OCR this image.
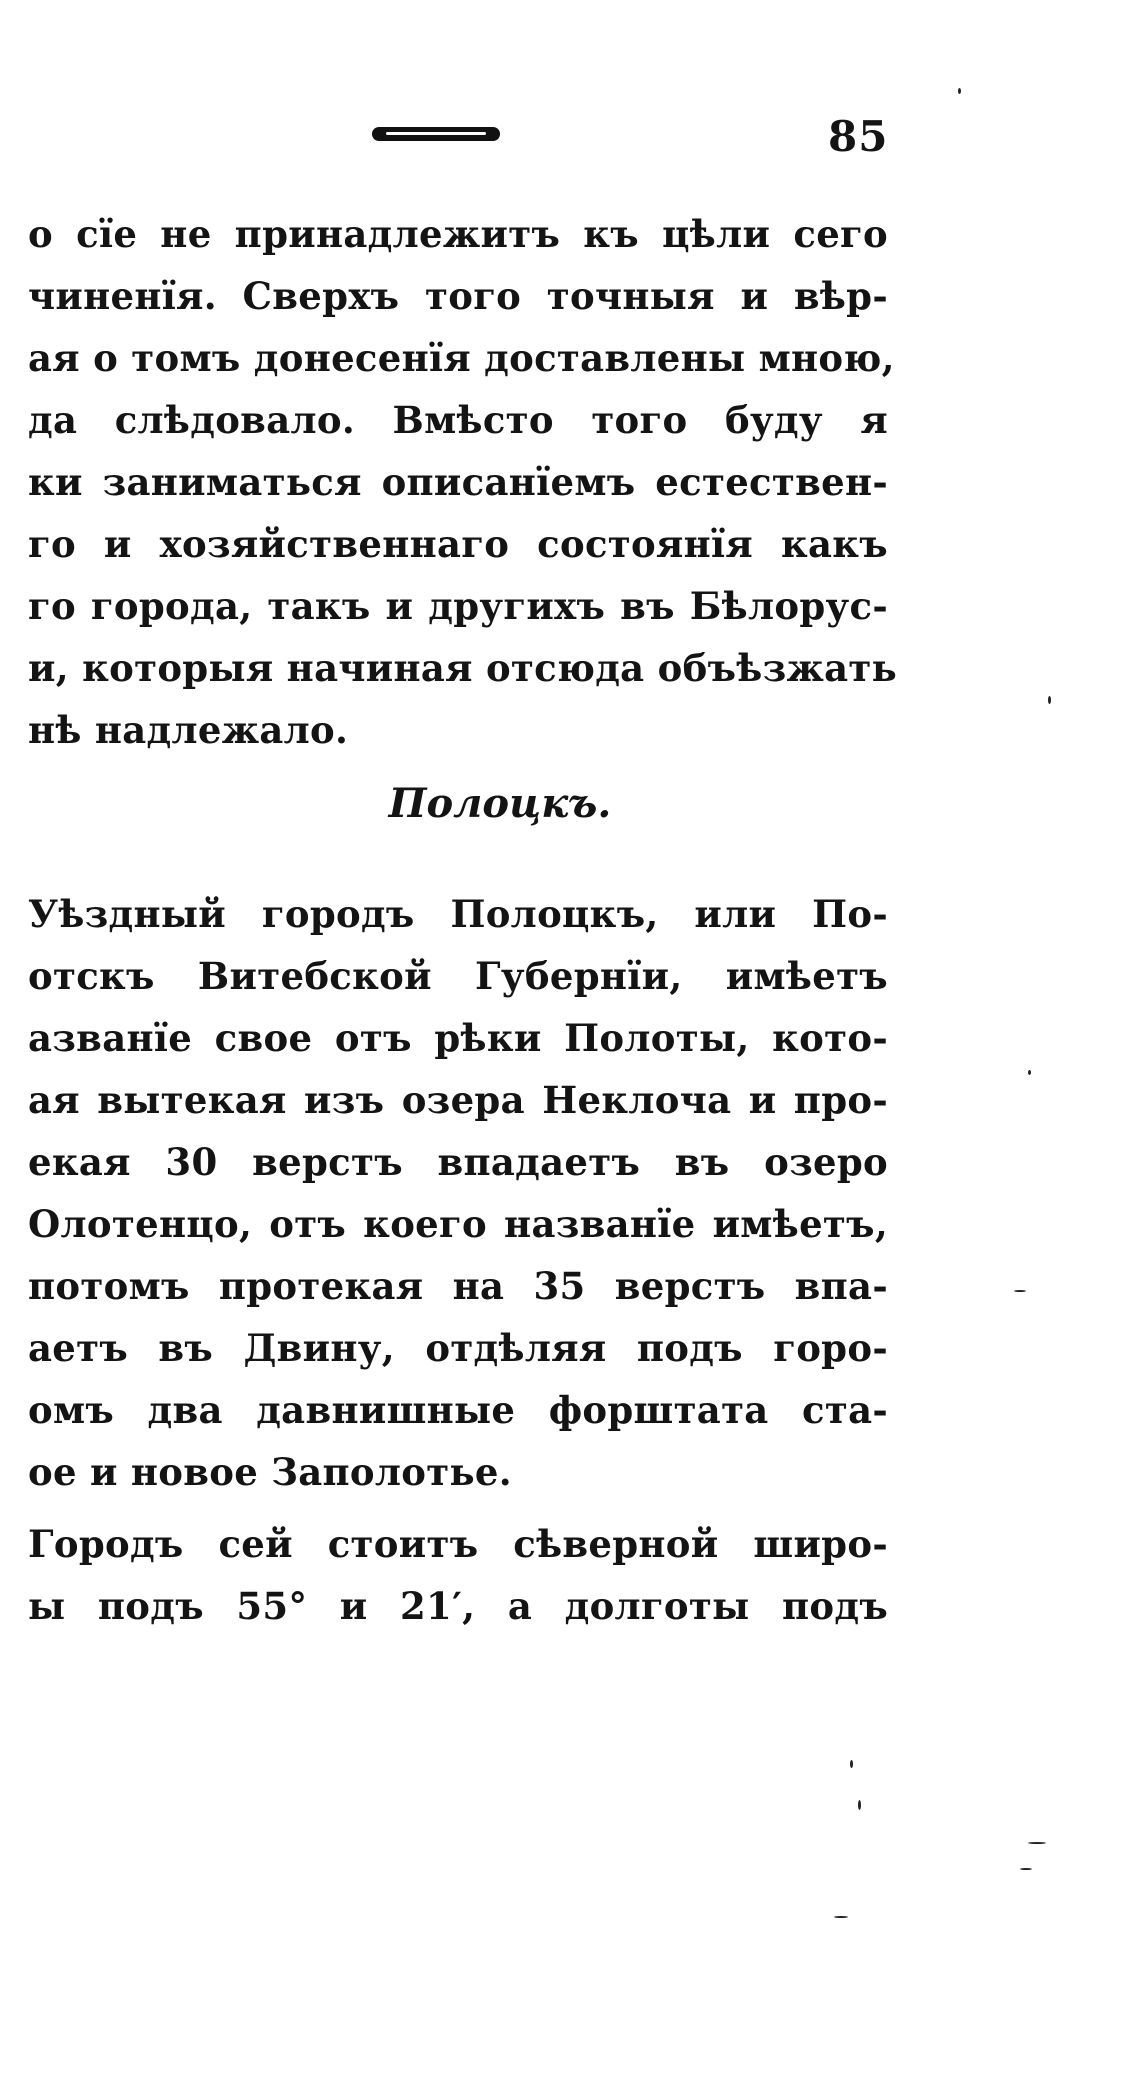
85
о сїе не принадлежитъ къ цѣли сего
чиненїя. Сверхъ того точныя и вѣр-
ая о томъ донесенїя доставлены мною,
да слѣдовало. Вмѣсто того буду я
ки заниматься описанїемъ естествен-
го и хозяйственнаго состоянїя какъ
го города, такъ и другихъ въ Бѣлорус-
и, которыя начиная отсюда объѣзжать
нѣ надлежало.
Полоцкъ.
Уѣздный городъ Полоцкъ, или По-
отскъ Витебской Губернїи, имѣетъ
азванїе свое отъ рѣки Полоты, кото-
ая вытекая изъ озера Неклоча и про-
екая 30 верстъ впадаетъ въ озеро
Олотенцо, отъ коего названїе имѣетъ,
потомъ протекая на 35 верстъ впа-
аетъ въ Двину, отдѣляя подъ горо-
омъ два давнишные форштата ста-
ое и новое Заполотье.
Городъ сей стоитъ сѣверной широ-
ы подъ 55° и 21′, а долготы подъ
